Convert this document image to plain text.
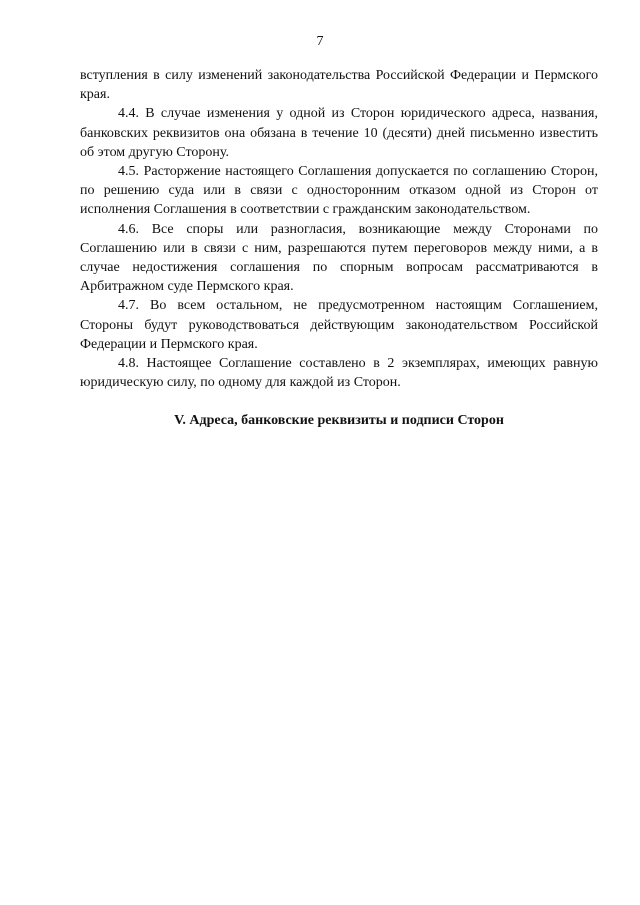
7

вступления в силу изменений законодательства Российской Федерации и Пермского края.

4.4. В случае изменения у одной из Сторон юридического адреса, названия, банковских реквизитов она обязана в течение 10 (десяти) дней письменно известить об этом другую Сторону.

4.5. Расторжение настоящего Соглашения допускается по соглашению Сторон, по решению суда или в связи с односторонним отказом одной из Сторон от исполнения Соглашения в соответствии с гражданским законодательством.

4.6. Все споры или разногласия, возникающие между Сторонами по Соглашению или в связи с ним, разрешаются путем переговоров между ними, а в случае недостижения соглашения по спорным вопросам рассматриваются в Арбитражном суде Пермского края.

4.7. Во всем остальном, не предусмотренном настоящим Соглашением, Стороны будут руководствоваться действующим законодательством Российской Федерации и Пермского края.

4.8. Настоящее Соглашение составлено в 2 экземплярах, имеющих равную юридическую силу, по одному для каждой из Сторон.

V. Адреса, банковские реквизиты и подписи Сторон
